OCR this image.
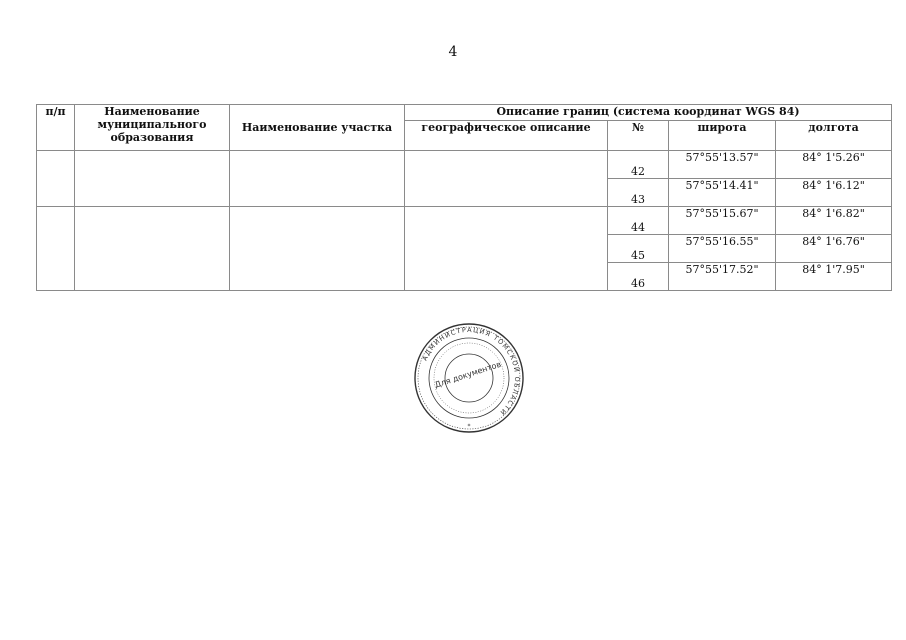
4
п/п	Наименование муниципального образования	Наименование участка	Описание границ (система координат WGS 84)			
			географическое описание	№	широта	долгота
				42	57°55'13.57"	84° 1'5.26"
				43	57°55'14.41"	84° 1'6.12"
				44	57°55'15.67"	84° 1'6.82"
				45	57°55'16.55"	84° 1'6.76"
				46	57°55'17.52"	84° 1'7.95"
АДМИНИСТРАЦИЯ ТОМСКОЙ ОБЛАСТИ
Для документов
*
